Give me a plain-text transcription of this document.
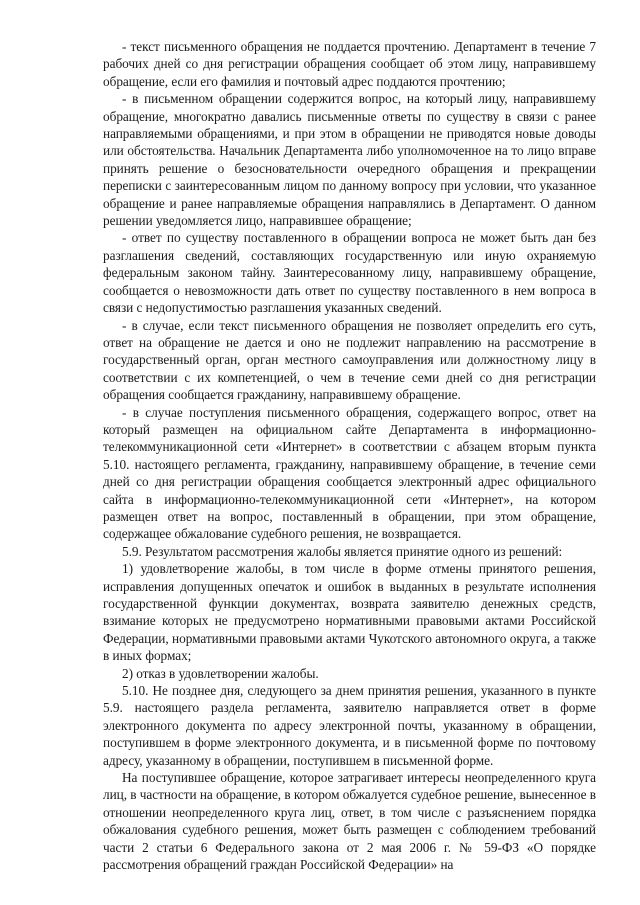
- текст письменного обращения не поддается прочтению. Департамент в течение 7 рабочих дней со дня регистрации обращения сообщает об этом лицу, направившему обращение, если его фамилия и почтовый адрес поддаются прочтению;

- в письменном обращении содержится вопрос, на который лицу, направившему обращение, многократно давались письменные ответы по существу в связи с ранее направляемыми обращениями, и при этом в обращении не приводятся новые доводы или обстоятельства. Начальник Департамента либо уполномоченное на то лицо вправе принять решение о безосновательности очередного обращения и прекращении переписки с заинтересованным лицом по данному вопросу при условии, что указанное обращение и ранее направляемые обращения направлялись в Департамент. О данном решении уведомляется лицо, направившее обращение;

- ответ по существу поставленного в обращении вопроса не может быть дан без разглашения сведений, составляющих государственную или иную охраняемую федеральным законом тайну. Заинтересованному лицу, направившему обращение, сообщается о невозможности дать ответ по существу поставленного в нем вопроса в связи с недопустимостью разглашения указанных сведений.

- в случае, если текст письменного обращения не позволяет определить его суть, ответ на обращение не дается и оно не подлежит направлению на рассмотрение в государственный орган, орган местного самоуправления или должностному лицу в соответствии с их компетенцией, о чем в течение семи дней со дня регистрации обращения сообщается гражданину, направившему обращение.

- в случае поступления письменного обращения, содержащего вопрос, ответ на который размещен на официальном сайте Департамента в информационно-телекоммуникационной сети «Интернет» в соответствии с абзацем вторым пункта 5.10. настоящего регламента, гражданину, направившему обращение, в течение семи дней со дня регистрации обращения сообщается электронный адрес официального сайта в информационно-телекоммуникационной сети «Интернет», на котором размещен ответ на вопрос, поставленный в обращении, при этом обращение, содержащее обжалование судебного решения, не возвращается.

5.9. Результатом рассмотрения жалобы является принятие одного из решений:

1) удовлетворение жалобы, в том числе в форме отмены принятого решения, исправления допущенных опечаток и ошибок в выданных в результате исполнения государственной функции документах, возврата заявителю денежных средств, взимание которых не предусмотрено нормативными правовыми актами Российской Федерации, нормативными правовыми актами Чукотского автономного округа, а также в иных формах;

2) отказ в удовлетворении жалобы.

5.10. Не позднее дня, следующего за днем принятия решения, указанного в пункте 5.9. настоящего раздела регламента, заявителю направляется ответ в форме электронного документа по адресу электронной почты, указанному в обращении, поступившем в форме электронного документа, и в письменной форме по почтовому адресу, указанному в обращении, поступившем в письменной форме.

На поступившее обращение, которое затрагивает интересы неопределенного круга лиц, в частности на обращение, в котором обжалуется судебное решение, вынесенное в отношении неопределенного круга лиц, ответ, в том числе с разъяснением порядка обжалования судебного решения, может быть размещен с соблюдением требований части 2 статьи 6 Федерального закона от 2 мая 2006 г. № 59-ФЗ «О порядке рассмотрения обращений граждан Российской Федерации» на
